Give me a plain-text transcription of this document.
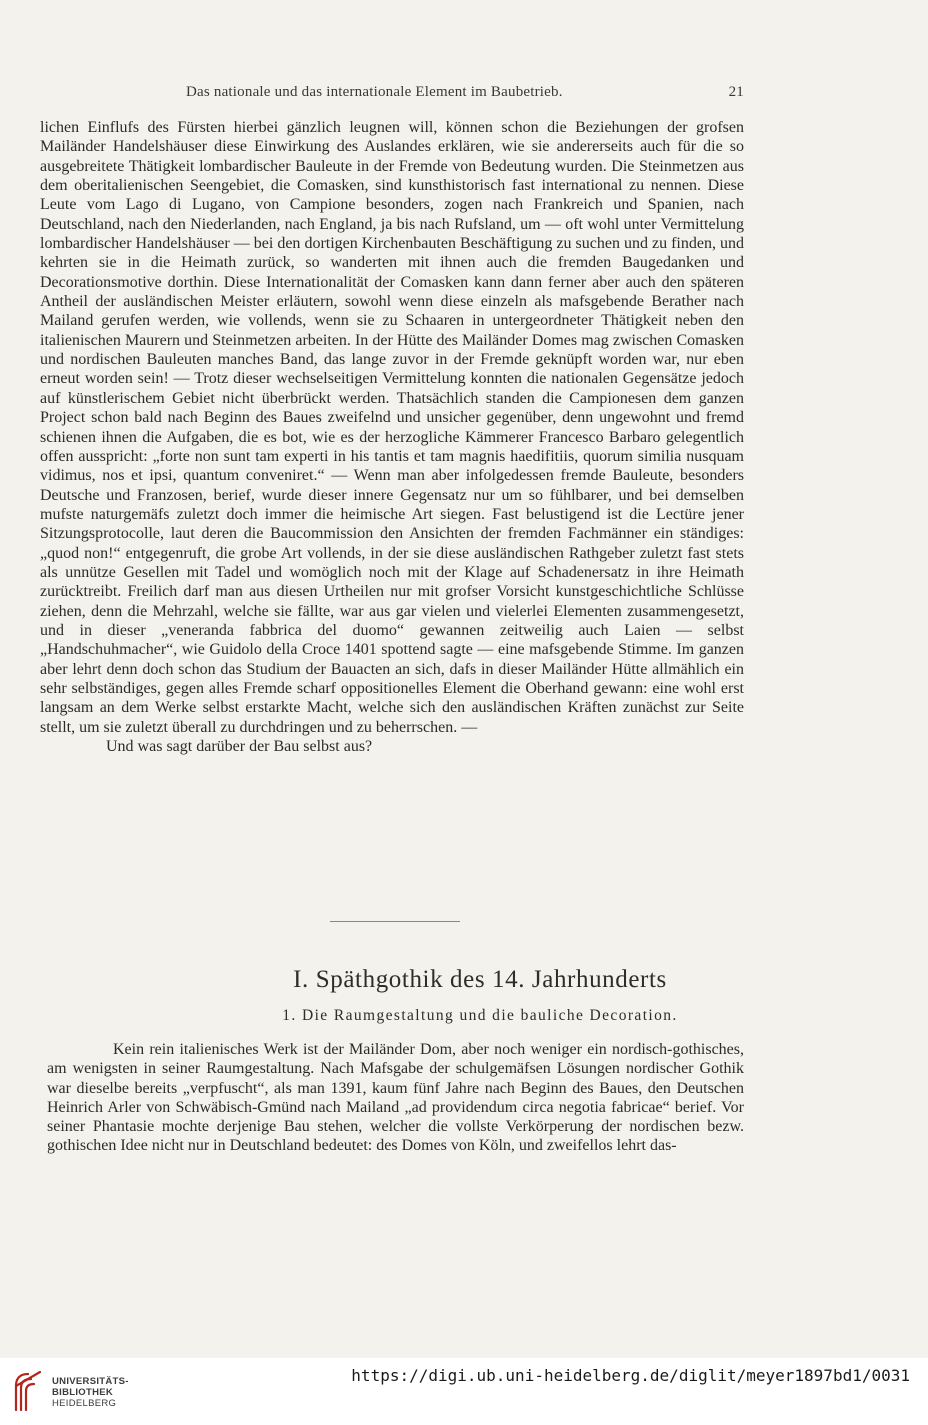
Das nationale und das internationale Element im Baubetrieb.	21

lichen Einflufs des Fürsten hierbei gänzlich leugnen will, können schon die Beziehungen der grofsen Mailänder Handelshäuser diese Einwirkung des Auslandes erklären, wie sie andererseits auch für die so ausgebreitete Thätigkeit lombardischer Bauleute in der Fremde von Bedeutung wurden. Die Steinmetzen aus dem oberitalienischen Seengebiet, die Comasken, sind kunsthistorisch fast international zu nennen. Diese Leute vom Lago di Lugano, von Campione besonders, zogen nach Frankreich und Spanien, nach Deutschland, nach den Niederlanden, nach England, ja bis nach Rufsland, um — oft wohl unter Vermittelung lombardischer Handelshäuser — bei den dortigen Kirchenbauten Beschäftigung zu suchen und zu finden, und kehrten sie in die Heimath zurück, so wanderten mit ihnen auch die fremden Baugedanken und Decorationsmotive dorthin. Diese Internationalität der Comasken kann dann ferner aber auch den späteren Antheil der ausländischen Meister erläutern, sowohl wenn diese einzeln als mafsgebende Berather nach Mailand gerufen werden, wie vollends, wenn sie zu Schaaren in untergeordneter Thätigkeit neben den italienischen Maurern und Steinmetzen arbeiten. In der Hütte des Mailänder Domes mag zwischen Comasken und nordischen Bauleuten manches Band, das lange zuvor in der Fremde geknüpft worden war, nur eben erneut worden sein! — Trotz dieser wechselseitigen Vermittelung konnten die nationalen Gegensätze jedoch auf künstlerischem Gebiet nicht überbrückt werden. Thatsächlich standen die Campionesen dem ganzen Project schon bald nach Beginn des Baues zweifelnd und unsicher gegenüber, denn ungewohnt und fremd schienen ihnen die Aufgaben, die es bot, wie es der herzogliche Kämmerer Francesco Barbaro gelegentlich offen ausspricht: „forte non sunt tam experti in his tantis et tam magnis haedifitiis, quorum similia nusquam vidimus, nos et ipsi, quantum conveniret.“ — Wenn man aber infolgedessen fremde Bauleute, besonders Deutsche und Franzosen, berief, wurde dieser innere Gegensatz nur um so fühlbarer, und bei demselben mufste naturgemäfs zuletzt doch immer die heimische Art siegen. Fast belustigend ist die Lectüre jener Sitzungsprotocolle, laut deren die Baucommission den Ansichten der fremden Fachmänner ein ständiges: „quod non!“ entgegenruft, die grobe Art vollends, in der sie diese ausländischen Rathgeber zuletzt fast stets als unnütze Gesellen mit Tadel und womöglich noch mit der Klage auf Schadenersatz in ihre Heimath zurücktreibt. Freilich darf man aus diesen Urtheilen nur mit grofser Vorsicht kunstgeschichtliche Schlüsse ziehen, denn die Mehrzahl, welche sie fällte, war aus gar vielen und vielerlei Elementen zusammengesetzt, und in dieser „veneranda fabbrica del duomo“ gewannen zeitweilig auch Laien — selbst „Handschuhmacher“, wie Guidolo della Croce 1401 spottend sagte — eine mafsgebende Stimme. Im ganzen aber lehrt denn doch schon das Studium der Bauacten an sich, dafs in dieser Mailänder Hütte allmählich ein sehr selbständiges, gegen alles Fremde scharf oppositionelles Element die Oberhand gewann: eine wohl erst langsam an dem Werke selbst erstarkte Macht, welche sich den ausländischen Kräften zunächst zur Seite stellt, um sie zuletzt überall zu durchdringen und zu beherrschen. —

Und was sagt darüber der Bau selbst aus?

I. Späthgothik des 14. Jahrhunderts
1. Die Raumgestaltung und die bauliche Decoration.

Kein rein italienisches Werk ist der Mailänder Dom, aber noch weniger ein nordisch-gothisches, am wenigsten in seiner Raumgestaltung. Nach Mafsgabe der schulgemäfsen Lösungen nordischer Gothik war dieselbe bereits „verpfuscht“, als man 1391, kaum fünf Jahre nach Beginn des Baues, den Deutschen Heinrich Arler von Schwäbisch-Gmünd nach Mailand „ad providendum circa negotia fabricae“ berief. Vor seiner Phantasie mochte derjenige Bau stehen, welcher die vollste Verkörperung der nordischen bezw. gothischen Idee nicht nur in Deutschland bedeutet: des Domes von Köln, und zweifellos lehrt das-

UNIVERSITÄTS-
BIBLIOTHEK
HEIDELBERG
https://digi.ub.uni-heidelberg.de/diglit/meyer1897bd1/0031
